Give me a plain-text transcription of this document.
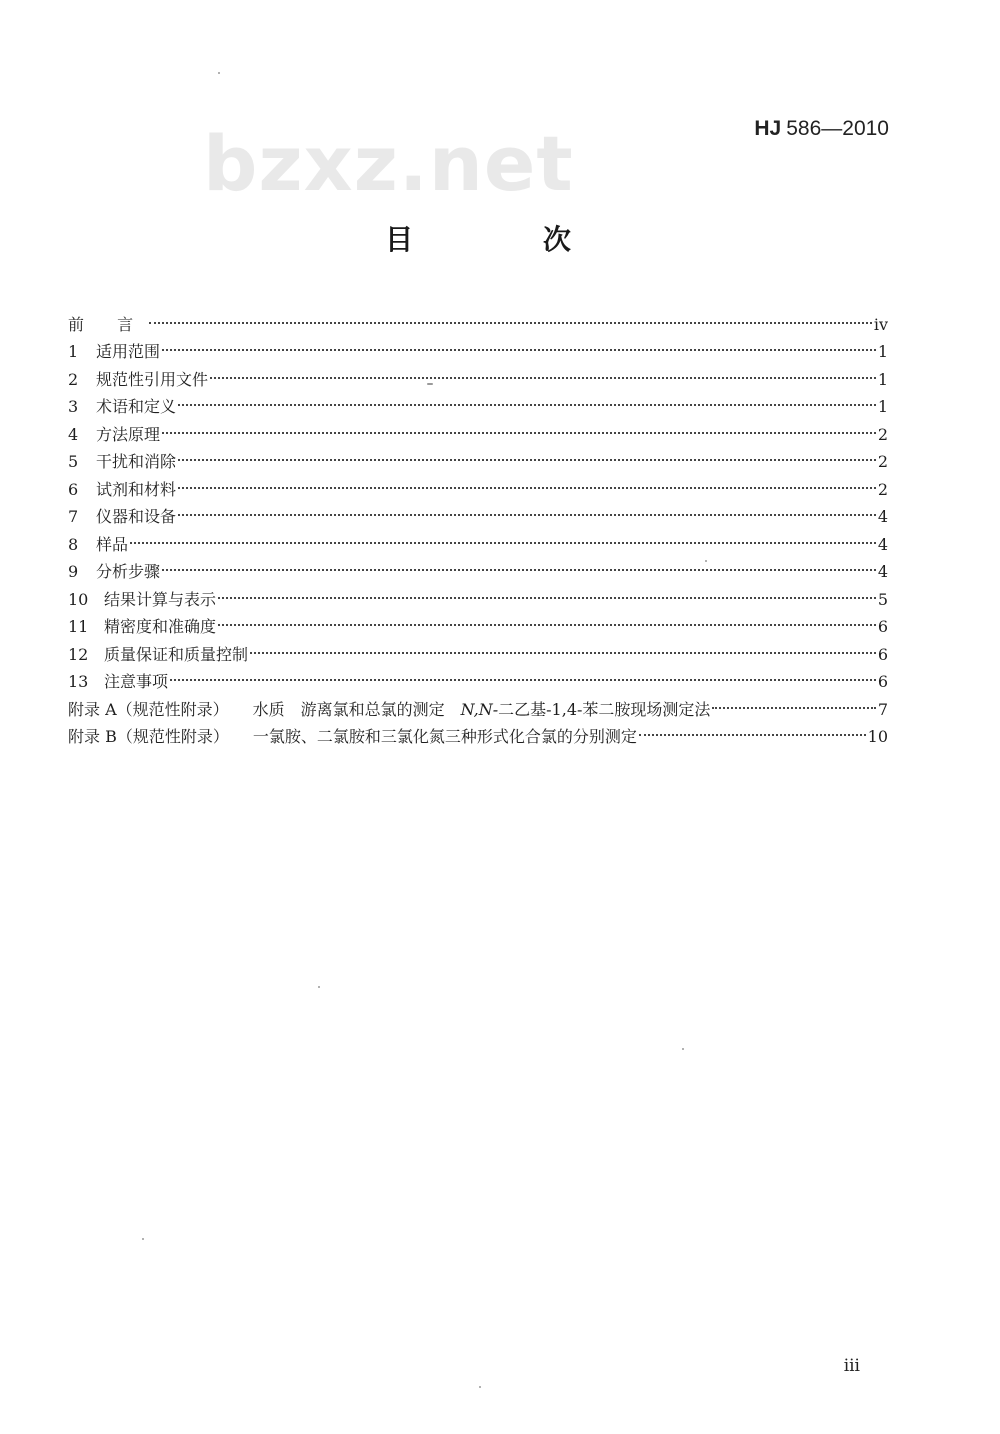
HJ 586—2010
bzxz.net
目 次
前 言	iv
1	适用范围	1
2	规范性引用文件	1
3	术语和定义	1
4	方法原理	2
5	干扰和消除	2
6	试剂和材料	2
7	仪器和设备	4
8	样品	4
9	分析步骤	4
10 结果计算与表示	5
11 精密度和准确度	6
12 质量保证和质量控制	6
13 注意事项	6
附录 A（规范性附录） 水质　游离氯和总氯的测定　N,N-二乙基-1,4-苯二胺现场测定法	7
附录 B（规范性附录） 一氯胺、二氯胺和三氯化氮三种形式化合氯的分别测定	10
iii
